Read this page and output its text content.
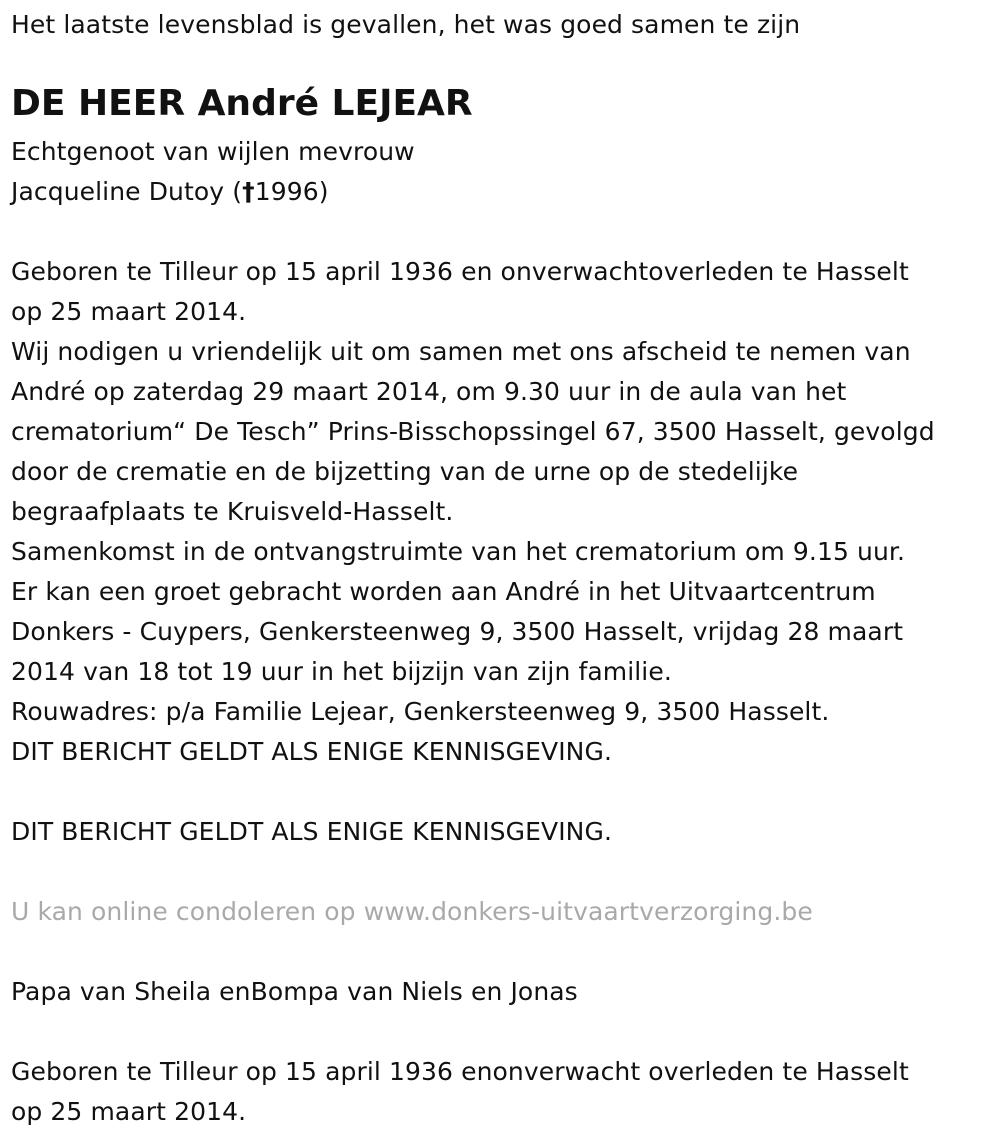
Het laatste levensblad is gevallen, het was goed samen te zijn

DE HEER André LEJEAR

Echtgenoot van wijlen mevrouw

Jacqueline Dutoy (†1996)

Geboren te Tilleur op 15 april 1936 en onverwachtoverleden te Hasselt

op 25 maart 2014.

Wij nodigen u vriendelijk uit om samen met ons afscheid te nemen van

André op zaterdag 29 maart 2014, om 9.30 uur in de aula van het

crematorium“ De Tesch” Prins-Bisschopssingel 67, 3500 Hasselt, gevolgd

door de crematie en de bijzetting van de urne op de stedelijke

begraafplaats te Kruisveld-Hasselt.

Samenkomst in de ontvangstruimte van het crematorium om 9.15 uur.

Er kan een groet gebracht worden aan André in het Uitvaartcentrum

Donkers - Cuypers, Genkersteenweg 9, 3500 Hasselt, vrijdag 28 maart

2014 van 18 tot 19 uur in het bijzijn van zijn familie.

Rouwadres: p/a Familie Lejear, Genkersteenweg 9, 3500 Hasselt.

DIT BERICHT GELDT ALS ENIGE KENNISGEVING.

DIT BERICHT GELDT ALS ENIGE KENNISGEVING.

U kan online condoleren op www.donkers-uitvaartverzorging.be

Papa van Sheila enBompa van Niels en Jonas

Geboren te Tilleur op 15 april 1936 enonverwacht overleden te Hasselt

op 25 maart 2014.
